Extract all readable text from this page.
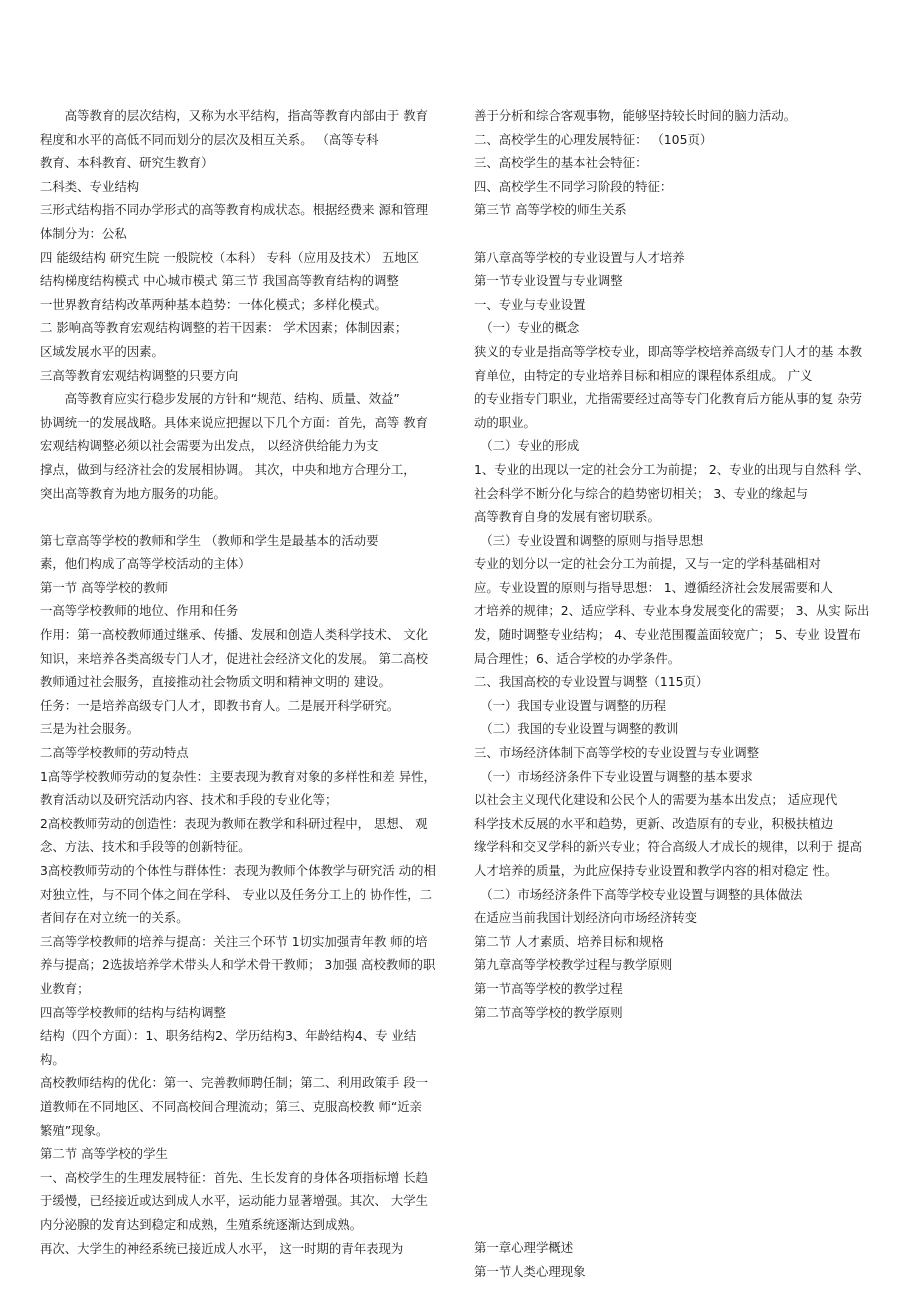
　　高等教育的层次结构，又称为水平结构，指高等教育内部由于 教育
程度和水平的高低不同而划分的层次及相互关系。 （高等专科
教育、本科教育、研究生教育）
二科类、专业结构
三形式结构指不同办学形式的高等教育构成状态。根据经费来 源和管理
体制分为：公私
四 能级结构 研究生院 一般院校（本科） 专科（应用及技术） 五地区
结构梯度结构模式 中心城市模式 第三节 我国高等教育结构的调整
一世界教育结构改革两种基本趋势：一体化模式；多样化模式。
二 影响高等教育宏观结构调整的若干因素： 学术因素；体制因素；
区域发展水平的因素。
三高等教育宏观结构调整的只要方向
　　高等教育应实行稳步发展的方针和“规范、结构、质量、效益”
协调统一的发展战略。具体来说应把握以下几个方面：首先，高等 教育
宏观结构调整必须以社会需要为出发点， 以经济供给能力为支
撑点，做到与经济社会的发展相协调。 其次，中央和地方合理分工，
突出高等教育为地方服务的功能。
第七章高等学校的教师和学生 （教师和学生是最基本的活动要
素，他们构成了高等学校活动的主体）
第一节 高等学校的教师
一高等学校教师的地位、作用和任务
作用：第一高校教师通过继承、传播、发展和创造人类科学技术、 文化
知识，来培养各类高级专门人才，促进社会经济文化的发展。 第二高校
教师通过社会服务，直接推动社会物质文明和精神文明的 建设。
任务：一是培养高级专门人才，即教书育人。二是展开科学研究。
三是为社会服务。
二高等学校教师的劳动特点
1高等学校教师劳动的复杂性：主要表现为教育对象的多样性和差 异性，
教育活动以及研究活动内容、技术和手段的专业化等；
2高校教师劳动的创造性：表现为教师在教学和科研过程中， 思想、 观
念、方法、技术和手段等的创新特征。
3高校教师劳动的个体性与群体性：表现为教师个体教学与研究活 动的相
对独立性，与不同个体之间在学科、 专业以及任务分工上的 协作性，二
者间存在对立统一的关系。
三高等学校教师的培养与提高：关注三个环节 1切实加强青年教 师的培
养与提高；2选拔培养学术带头人和学术骨干教师； 3加强 高校教师的职
业教育；
四高等学校教师的结构与结构调整
结构（四个方面）：1、职务结构2、学历结构3、年龄结构4、专 业结
构。
高校教师结构的优化：第一、完善教师聘任制；第二、利用政策手 段一
道教师在不同地区、不同高校间合理流动；第三、克服高校教 师“近亲
繁殖”现象。
第二节 高等学校的学生
一、高校学生的生理发展特征：首先、生长发育的身体各项指标增 长趋
于缓慢，已经接近或达到成人水平，运动能力显著增强。其次、 大学生
内分泌腺的发育达到稳定和成熟，生殖系统逐渐达到成熟。
再次、大学生的神经系统已接近成人水平， 这一时期的青年表现为
善于分析和综合客观事物，能够坚持较长时间的脑力活动。
二、高校学生的心理发展特征： （105页）
三、高校学生的基本社会特征：
四、高校学生不同学习阶段的特征：
第三节 高等学校的师生关系
第八章高等学校的专业设置与人才培养
第一节专业设置与专业调整
一、专业与专业设置
　（一）专业的概念
狭义的专业是指高等学校专业，即高等学校培养高级专门人才的基 本教
育单位，由特定的专业培养目标和相应的课程体系组成。 广义
的专业指专门职业，尤指需要经过高等专门化教育后方能从事的复 杂劳
动的职业。
　（二）专业的形成
1、专业的出现以一定的社会分工为前提； 2、专业的出现与自然科 学、
社会科学不断分化与综合的趋势密切相关； 3、专业的缘起与
高等教育自身的发展有密切联系。
　（三）专业设置和调整的原则与指导思想
专业的划分以一定的社会分工为前提，又与一定的学科基础相对
应。专业设置的原则与指导思想： 1、遵循经济社会发展需要和人
才培养的规律；2、适应学科、专业本身发展变化的需要； 3、从实 际出
发，随时调整专业结构； 4、专业范围覆盖面较宽广； 5、专业 设置布
局合理性；6、适合学校的办学条件。
二、我国高校的专业设置与调整（115页）
　（一）我国专业设置与调整的历程
　（二）我国的专业设置与调整的教训
三、市场经济体制下高等学校的专业设置与专业调整
　（一）市场经济条件下专业设置与调整的基本要求
以社会主义现代化建设和公民个人的需要为基本出发点； 适应现代
科学技术反展的水平和趋势，更新、改造原有的专业，积极扶植边
缘学科和交叉学科的新兴专业；符合高级人才成长的规律，以利于 提高
人才培养的质量，为此应保持专业设置和教学内容的相对稳定 性。
　（二）市场经济条件下高等学校专业设置与调整的具体做法
在适应当前我国计划经济向市场经济转变
第二节 人才素质、培养目标和规格
第九章高等学校教学过程与教学原则
第一节高等学校的教学过程
第二节高等学校的教学原则
第一章心理学概述
第一节人类心理现象
